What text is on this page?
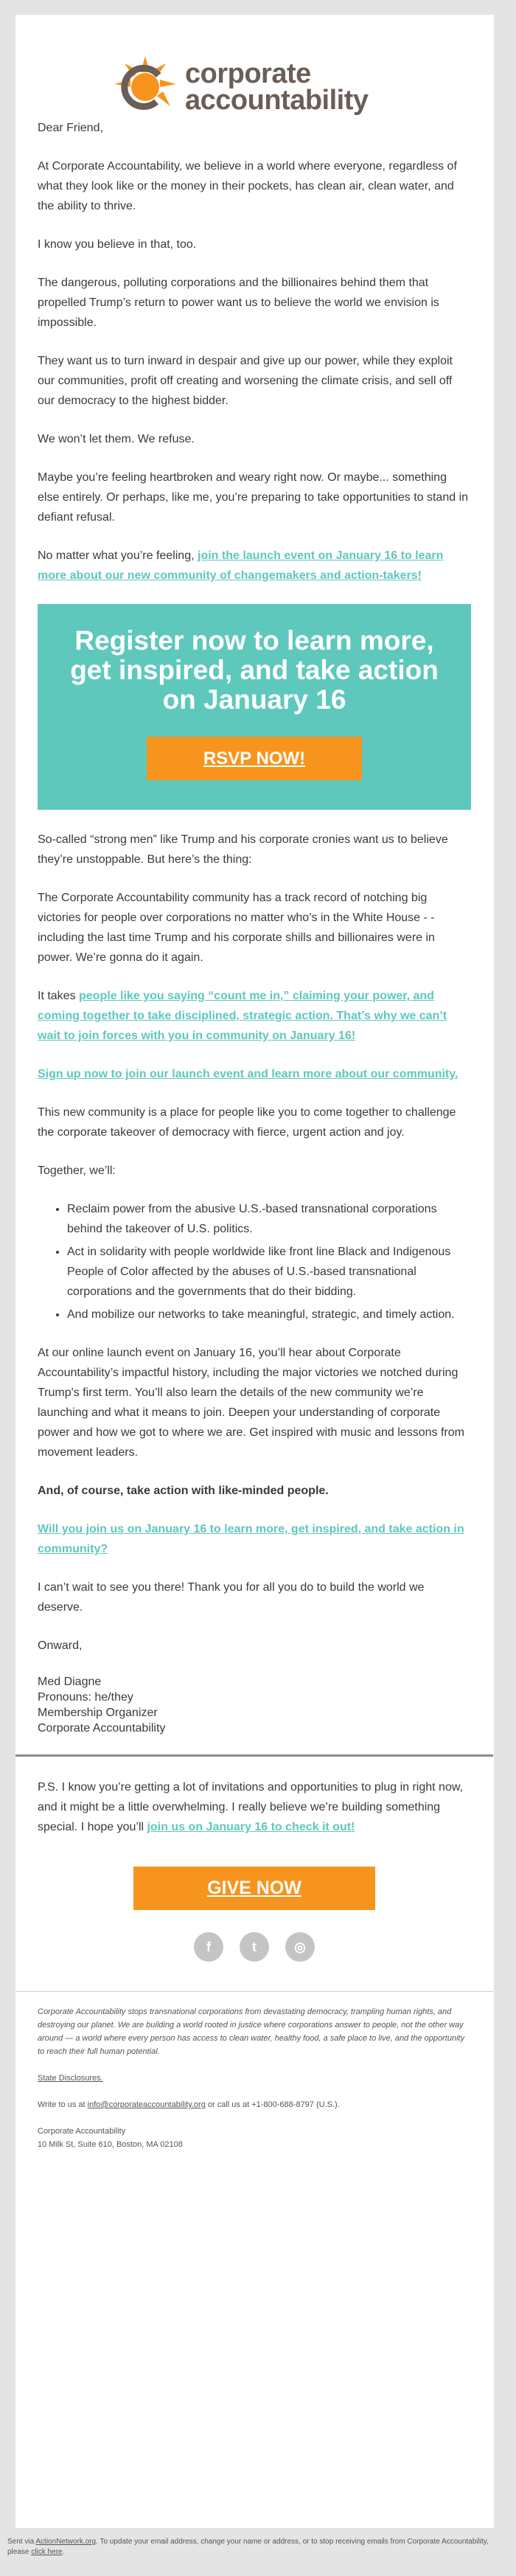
corporate
accountability

Dear Friend,

At Corporate Accountability, we believe in a world where everyone, regardless of what they look like or the money in their pockets, has clean air, clean water, and the ability to thrive.

I know you believe in that, too.

The dangerous, polluting corporations and the billionaires behind them that propelled Trump’s return to power want us to believe the world we envision is impossible.

They want us to turn inward in despair and give up our power, while they exploit our communities, profit off creating and worsening the climate crisis, and sell off our democracy to the highest bidder.

We won’t let them. We refuse.

Maybe you’re feeling heartbroken and weary right now. Or maybe... something else entirely. Or perhaps, like me, you’re preparing to take opportunities to stand in defiant refusal.

No matter what you’re feeling, join the launch event on January 16 to learn more about our new community of changemakers and action-takers!

Register now to learn more, get inspired, and take action on January 16
RSVP NOW!

So-called “strong men” like Trump and his corporate cronies want us to believe they’re unstoppable. But here’s the thing:

The Corporate Accountability community has a track record of notching big victories for people over corporations no matter who’s in the White House - - including the last time Trump and his corporate shills and billionaires were in power. We’re gonna do it again.

It takes people like you saying “count me in,” claiming your power, and coming together to take disciplined, strategic action. That’s why we can’t wait to join forces with you in community on January 16!

Sign up now to join our launch event and learn more about our community.

This new community is a place for people like you to come together to challenge the corporate takeover of democracy with fierce, urgent action and joy.

Together, we’ll:

• Reclaim power from the abusive U.S.-based transnational corporations behind the takeover of U.S. politics.
• Act in solidarity with people worldwide like front line Black and Indigenous People of Color affected by the abuses of U.S.-based transnational corporations and the governments that do their bidding.
• And mobilize our networks to take meaningful, strategic, and timely action.

At our online launch event on January 16, you’ll hear about Corporate Accountability’s impactful history, including the major victories we notched during Trump's first term. You’ll also learn the details of the new community we’re launching and what it means to join. Deepen your understanding of corporate power and how we got to where we are. Get inspired with music and lessons from movement leaders.

And, of course, take action with like-minded people.

Will you join us on January 16 to learn more, get inspired, and take action in community?

I can’t wait to see you there! Thank you for all you do to build the world we deserve.

Onward,

Med Diagne
Pronouns: he/they
Membership Organizer
Corporate Accountability

P.S. I know you’re getting a lot of invitations and opportunities to plug in right now, and it might be a little overwhelming. I really believe we’re building something special. I hope you’ll join us on January 16 to check it out!

GIVE NOW
f	t	◎

Corporate Accountability stops transnational corporations from devastating democracy, trampling human rights, and destroying our planet. We are building a world rooted in justice where corporations answer to people, not the other way around — a world where every person has access to clean water, healthy food, a safe place to live, and the opportunity to reach their full human potential.

State Disclosures.

Write to us at info@corporateaccountability.org or call us at +1-800-688-8797 (U.S.).

Corporate Accountability
10 Milk St, Suite 610, Boston, MA 02108

Sent via ActionNetwork.org. To update your email address, change your name or address, or to stop receiving emails from Corporate Accountability, please click here.
